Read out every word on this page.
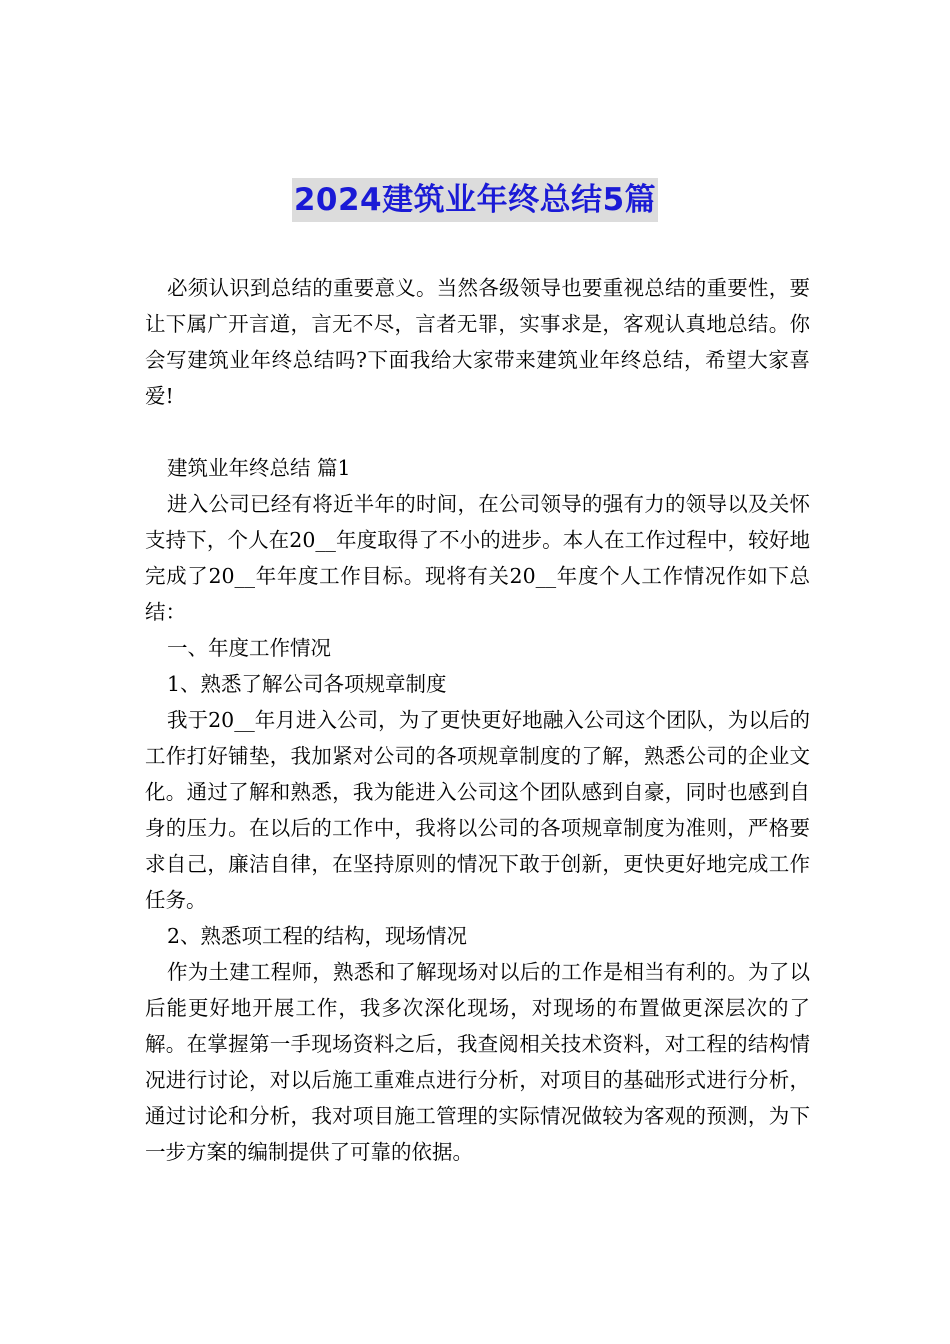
2024建筑业年终总结5篇

必须认识到总结的重要意义。当然各级领导也要重视总结的重要性，要让下属广开言道，言无不尽，言者无罪，实事求是，客观认真地总结。你会写建筑业年终总结吗?下面我给大家带来建筑业年终总结，希望大家喜爱!

建筑业年终总结 篇1

进入公司已经有将近半年的时间，在公司领导的强有力的领导以及关怀支持下，个人在20__年度取得了不小的进步。本人在工作过程中，较好地完成了20__年年度工作目标。现将有关20__年度个人工作情况作如下总结：

一、年度工作情况

1、熟悉了解公司各项规章制度

我于20__年月进入公司，为了更快更好地融入公司这个团队，为以后的工作打好铺垫，我加紧对公司的各项规章制度的了解，熟悉公司的企业文化。通过了解和熟悉，我为能进入公司这个团队感到自豪，同时也感到自身的压力。在以后的工作中，我将以公司的各项规章制度为准则，严格要求自己，廉洁自律，在坚持原则的情况下敢于创新，更快更好地完成工作任务。

2、熟悉项工程的结构，现场情况

作为土建工程师，熟悉和了解现场对以后的工作是相当有利的。为了以后能更好地开展工作，我多次深化现场，对现场的布置做更深层次的了解。在掌握第一手现场资料之后，我查阅相关技术资料，对工程的结构情况进行讨论，对以后施工重难点进行分析，对项目的基础形式进行分析，通过讨论和分析，我对项目施工管理的实际情况做较为客观的预测，为下一步方案的编制提供了可靠的依据。
